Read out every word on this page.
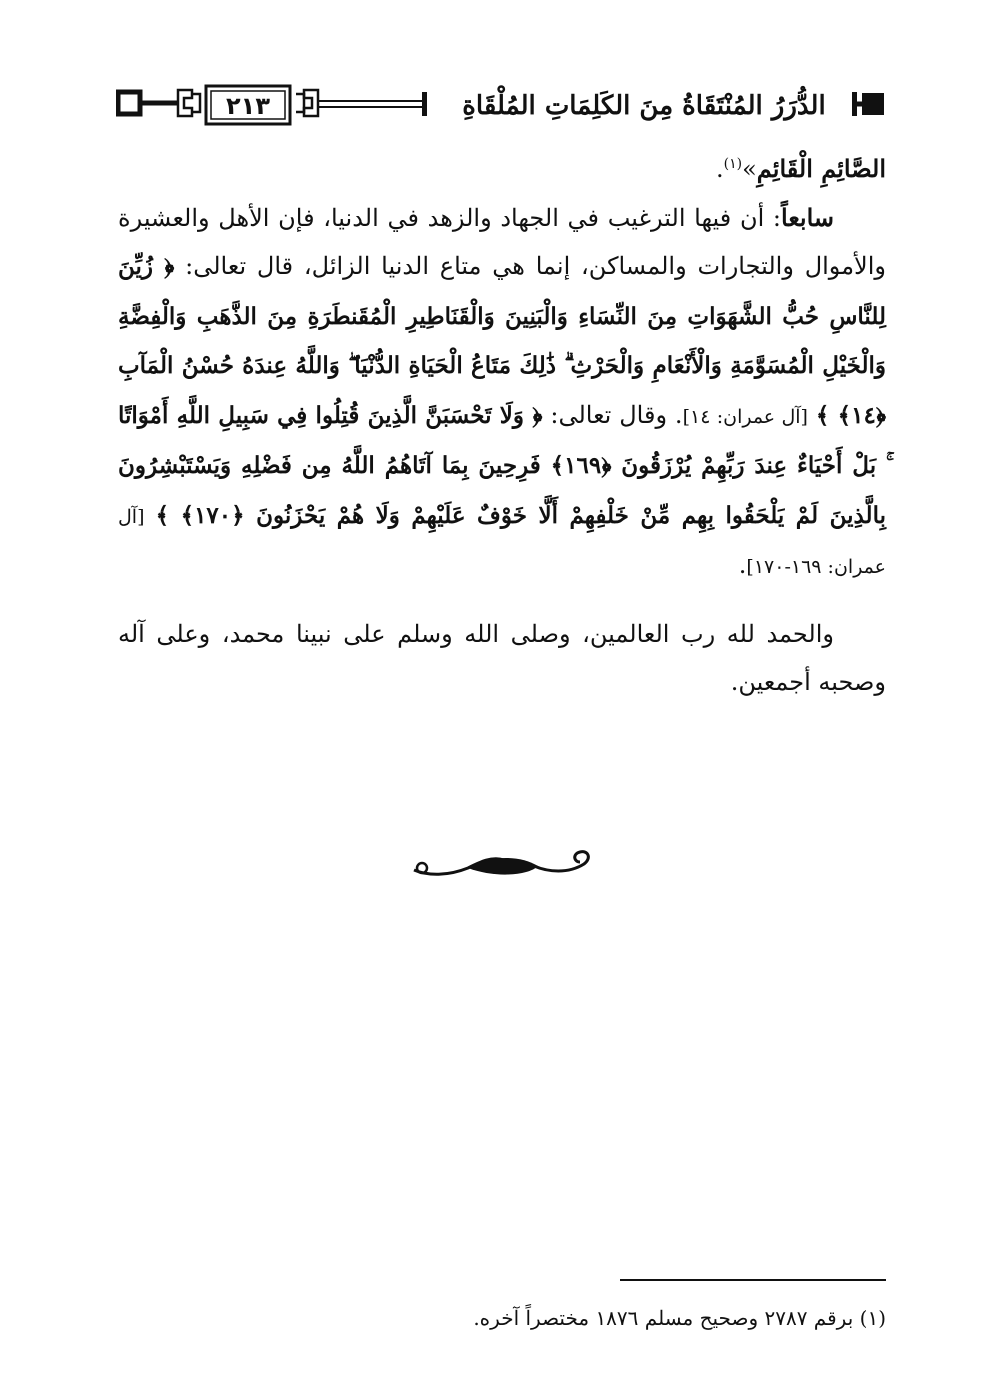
الدُّرَرُ المُنْتَقَاةُ مِنَ الكَلِمَاتِ المُلْقَاةِ
٢١٣

الصَّائِمِ الْقَائِمِ»$^{(١)}$.

سابعاً: أن فيها الترغيب في الجهاد والزهد في الدنيا، فإن الأهل والعشيرة والأموال والتجارات والمساكن، إنما هي متاع الدنيا الزائل، قال تعالى: ﴿ زُيِّنَ لِلنَّاسِ حُبُّ الشَّهَوَاتِ مِنَ النِّسَاءِ وَالْبَنِينَ وَالْقَنَاطِيرِ الْمُقَنطَرَةِ مِنَ الذَّهَبِ وَالْفِضَّةِ وَالْخَيْلِ الْمُسَوَّمَةِ وَالْأَنْعَامِ وَالْحَرْثِ ۗ ذَٰلِكَ مَتَاعُ الْحَيَاةِ الدُّنْيَا ۖ وَاللَّهُ عِندَهُ حُسْنُ الْمَآبِ ﴿١٤﴾ ﴾ [آل عمران: ١٤]. وقال تعالى: ﴿ وَلَا تَحْسَبَنَّ الَّذِينَ قُتِلُوا فِي سَبِيلِ اللَّهِ أَمْوَاتًا ۚ بَلْ أَحْيَاءٌ عِندَ رَبِّهِمْ يُرْزَقُونَ ﴿١٦٩﴾ فَرِحِينَ بِمَا آتَاهُمُ اللَّهُ مِن فَضْلِهِ وَيَسْتَبْشِرُونَ بِالَّذِينَ لَمْ يَلْحَقُوا بِهِم مِّنْ خَلْفِهِمْ أَلَّا خَوْفٌ عَلَيْهِمْ وَلَا هُمْ يَحْزَنُونَ ﴿١٧٠﴾ ﴾ [آل عمران: ١٦٩-١٧٠].

والحمد لله رب العالمين، وصلى الله وسلم على نبينا محمد، وعلى آله وصحبه أجمعين.

(١) برقم ٢٧٨٧ وصحيح مسلم ١٨٧٦ مختصراً آخره.
